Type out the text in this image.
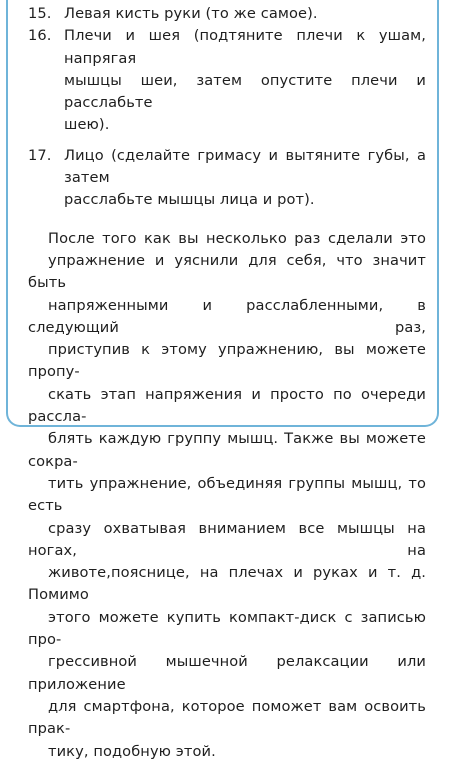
15. Левая кисть руки (то же самое).
16. Плечи и шея (подтяните плечи к ушам, напрягая
мышцы шеи, затем опустите плечи и расслабьте
шею).
17. Лицо (сделайте гримасу и вытяните губы, а затем
расслабьте мышцы лица и рот).
После того как вы несколько раз сделали это
упражнение и уяснили для себя, что значит быть
напряженными и расслабленными, в следующий раз,
приступив к этому упражнению, вы можете пропу-
скать этап напряжения и просто по очереди рассла-
блять каждую группу мышц. Также вы можете сокра-
тить упражнение, объединяя группы мышц, то есть
сразу охватывая вниманием все мышцы на ногах, на
животе,пояснице, на плечах и руках и т. д. Помимо
этого можете купить компакт-диск с записью про-
грессивной мышечной релаксации или приложение
для смартфона, которое поможет вам освоить прак-
тику, подобную этой.
